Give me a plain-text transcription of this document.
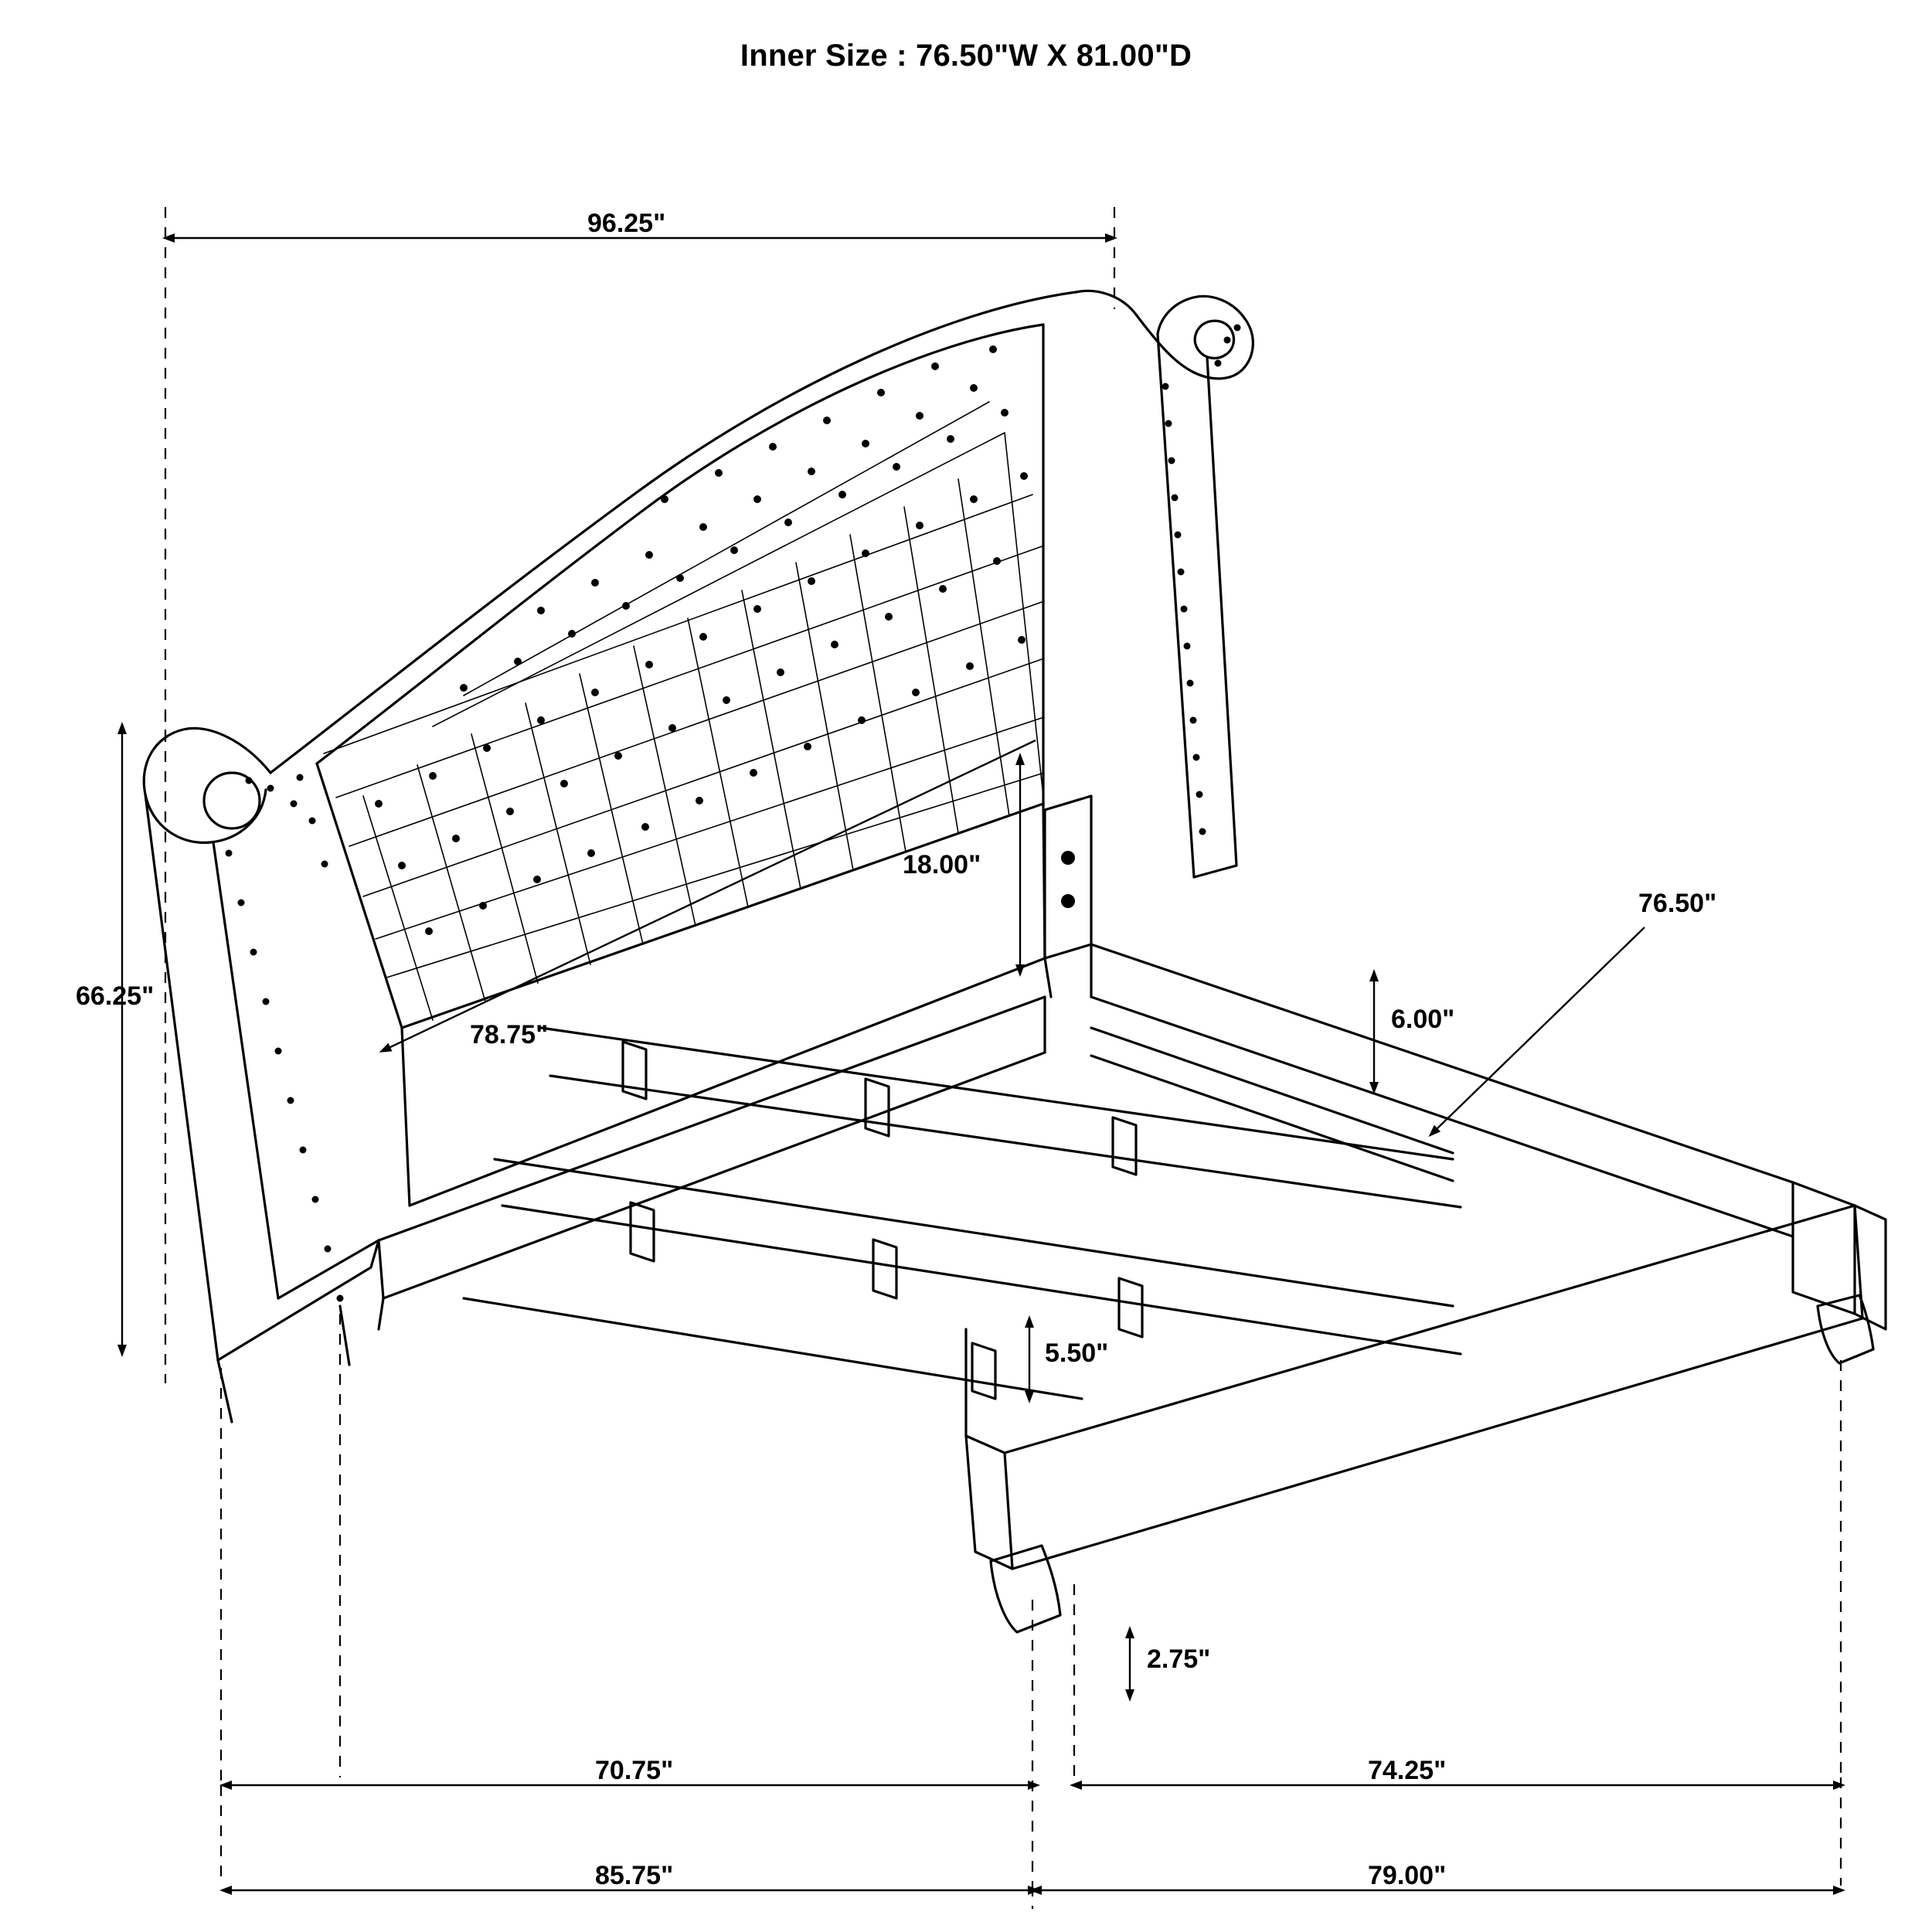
Inner Size : 76.50"W X 81.00"D
96.25"
66.25"
78.75"
18.00"
6.00"
5.50"
76.50"
2.75"
70.75"	74.25"
85.75"	79.00"
